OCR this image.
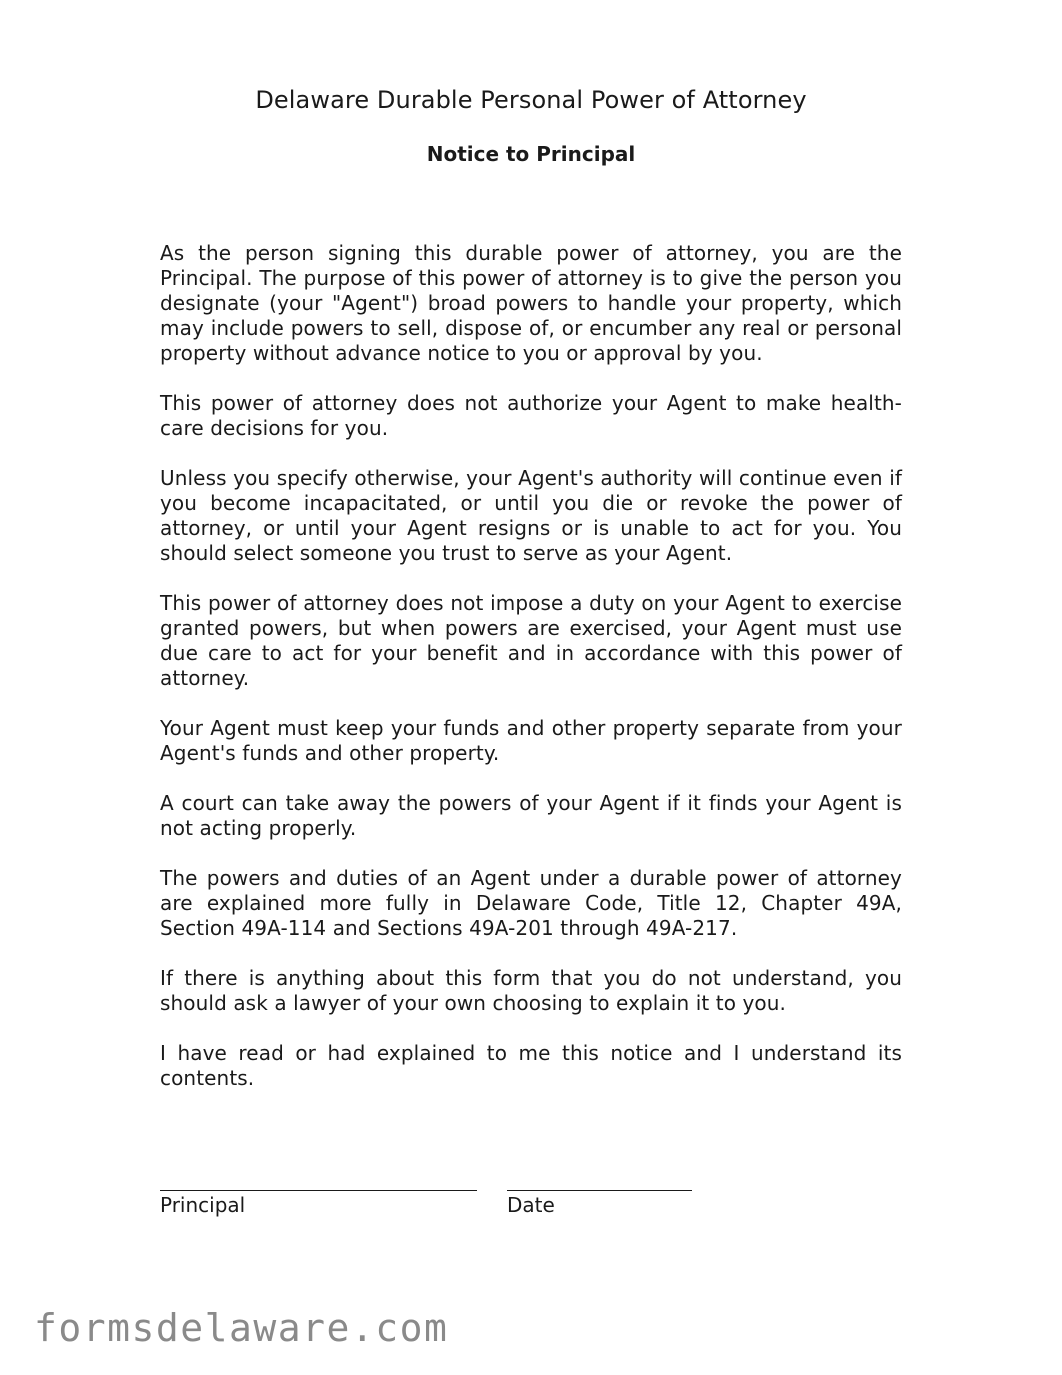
Delaware Durable Personal Power of Attorney
Notice to Principal

As the person signing this durable power of attorney, you are the Principal. The purpose of this power of attorney is to give the person you designate (your "Agent") broad powers to handle your property, which may include powers to sell, dispose of, or encumber any real or personal property without advance notice to you or approval by you.

This power of attorney does not authorize your Agent to make health-care decisions for you.

Unless you specify otherwise, your Agent's authority will continue even if you become incapacitated, or until you die or revoke the power of attorney, or until your Agent resigns or is unable to act for you. You should select someone you trust to serve as your Agent.

This power of attorney does not impose a duty on your Agent to exercise granted powers, but when powers are exercised, your Agent must use due care to act for your benefit and in accordance with this power of attorney.

Your Agent must keep your funds and other property separate from your Agent's funds and other property.

A court can take away the powers of your Agent if it finds your Agent is not acting properly.

The powers and duties of an Agent under a durable power of attorney are explained more fully in Delaware Code, Title 12, Chapter 49A, Section 49A-114 and Sections 49A-201 through 49A-217.

If there is anything about this form that you do not understand, you should ask a lawyer of your own choosing to explain it to you.

I have read or had explained to me this notice and I understand its contents.

Principal	Date
formsdelaware.com
